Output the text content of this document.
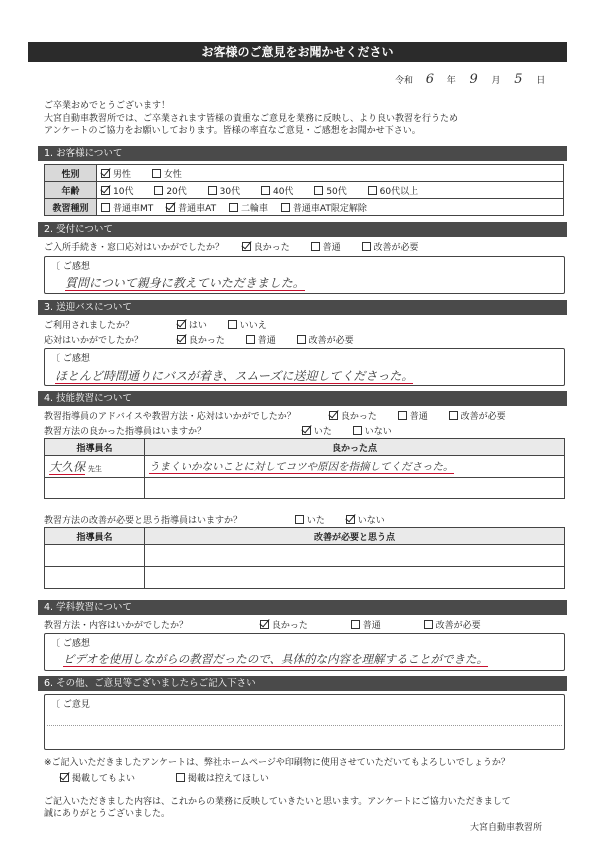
お客様のご意見をお聞かせください
令和 6 年 9 月 5 日
ご卒業おめでとうございます！
大宮自動車教習所では、ご卒業されます皆様の貴重なご意見を業務に反映し、より良い教習を行うため
アンケートのご協力をお願いしております。皆様の率直なご意見・ご感想をお聞かせ下さい。
1. お客様について
性別	男性 女性
年齢	10代 20代 30代 40代 50代 60代以上
教習種別	普通車MT 普通車AT 二輪車 普通車AT限定解除
2. 受付について
ご入所手続き・窓口応対はいかがでしたか？	良かった	普通	改善が必要
〔 ご感想
質問について親身に教えていただきました。
3. 送迎バスについて
ご利用されましたか？	はい	いいえ
応対はいかがでしたか？	良かった	普通	改善が必要
〔 ご感想
ほとんど時間通りにバスが着き、スムーズに送迎してくださった。
4. 技能教習について
教習指導員のアドバイスや教習方法・応対はいかがでしたか？	良かった	普通	改善が必要
教習方法の良かった指導員はいますか？	いた	いない
指導員名	良かった点
大久保 先生	うまくいかないことに対してコツや原因を指摘してくださった。

教習方法の改善が必要と思う指導員はいますか？	いた	いない
指導員名	改善が必要と思う点

4. 学科教習について
教習方法・内容はいかがでしたか？	良かった	普通	改善が必要
〔 ご感想
ビデオを使用しながらの教習だったので、具体的な内容を理解することができた。
6. その他、ご意見等ございましたらご記入下さい
〔 ご意見
※ご記入いただきましたアンケートは、弊社ホームページや印刷物に使用させていただいてもよろしいでしょうか？
掲載してもよい	掲載は控えてほしい
ご記入いただきました内容は、これからの業務に反映していきたいと思います。アンケートにご協力いただきまして
誠にありがとうございました。
大宮自動車教習所
